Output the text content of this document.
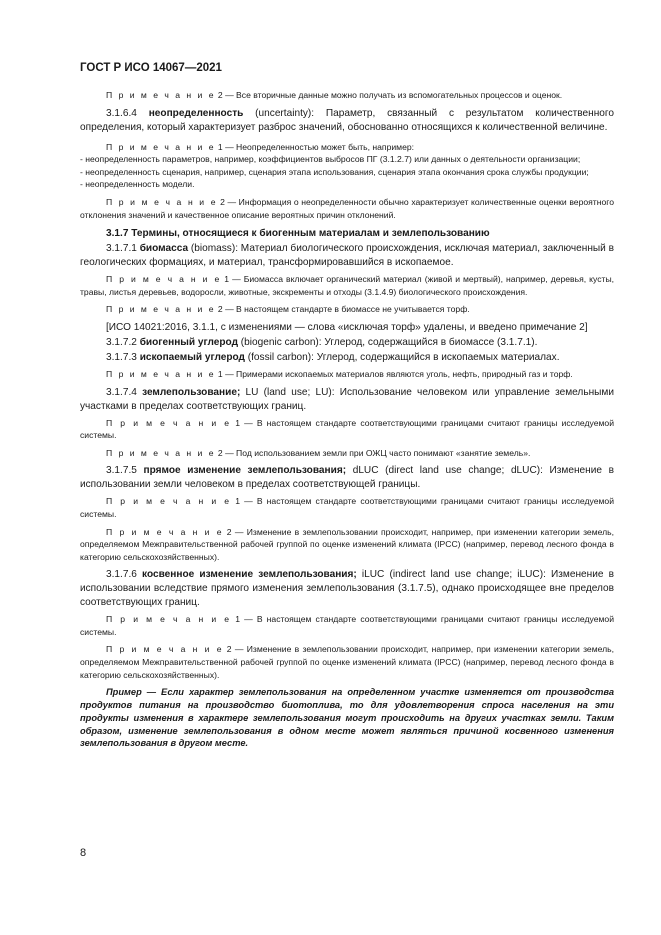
ГОСТ Р ИСО 14067—2021

П р и м е ч а н и е 2 — Все вторичные данные можно получать из вспомогательных процессов и оценок.

3.1.6.4 неопределенность (uncertainty): Параметр, связанный с результатом количественного определения, который характеризует разброс значений, обоснованно относящихся к количественной величине.

П р и м е ч а н и е 1 — Неопределенностью может быть, например:
- неопределенность параметров, например, коэффициентов выбросов ПГ (3.1.2.7) или данных о деятельности организации;
- неопределенность сценария, например, сценария этапа использования, сценария этапа окончания срока службы продукции;
- неопределенность модели.

П р и м е ч а н и е 2 — Информация о неопределенности обычно характеризует количественные оценки вероятного отклонения значений и качественное описание вероятных причин отклонений.

3.1.7 Термины, относящиеся к биогенным материалам и землепользованию

3.1.7.1 биомасса (biomass): Материал биологического происхождения, исключая материал, заключенный в геологических формациях, и материал, трансформировавшийся в ископаемое.

П р и м е ч а н и е 1 — Биомасса включает органический материал (живой и мертвый), например, деревья, кусты, травы, листья деревьев, водоросли, животные, экскременты и отходы (3.1.4.9) биологического происхождения.

П р и м е ч а н и е 2 — В настоящем стандарте в биомассе не учитывается торф.

[ИСО 14021:2016, 3.1.1, с изменениями — слова «исключая торф» удалены, и введено примечание 2]

3.1.7.2 биогенный углерод (biogenic carbon): Углерод, содержащийся в биомассе (3.1.7.1).

3.1.7.3 ископаемый углерод (fossil carbon): Углерод, содержащийся в ископаемых материалах.

П р и м е ч а н и е 1 — Примерами ископаемых материалов являются уголь, нефть, природный газ и торф.

3.1.7.4 землепользование; LU (land use; LU): Использование человеком или управление земельными участками в пределах соответствующих границ.

П р и м е ч а н и е 1 — В настоящем стандарте соответствующими границами считают границы исследуемой системы.

П р и м е ч а н и е 2 — Под использованием земли при ОЖЦ часто понимают «занятие земель».

3.1.7.5 прямое изменение землепользования; dLUC (direct land use change; dLUC): Изменение в использовании земли человеком в пределах соответствующей границы.

П р и м е ч а н и е 1 — В настоящем стандарте соответствующими границами считают границы исследуемой системы.

П р и м е ч а н и е 2 — Изменение в землепользовании происходит, например, при изменении категории земель, определяемом Межправительственной рабочей группой по оценке изменений климата (IPCC) (например, перевод лесного фонда в категорию сельскохозяйственных).

3.1.7.6 косвенное изменение землепользования; iLUC (indirect land use change; iLUC): Изменение в использовании вследствие прямого изменения землепользования (3.1.7.5), однако происходящее вне пределов соответствующих границ.

П р и м е ч а н и е 1 — В настоящем стандарте соответствующими границами считают границы исследуемой системы.

П р и м е ч а н и е 2 — Изменение в землепользовании происходит, например, при изменении категории земель, определяемом Межправительственной рабочей группой по оценке изменений климата (IPCC) (например, перевод лесного фонда в категорию сельскохозяйственных).

Пример — Если характер землепользования на определенном участке изменяется от производства продуктов питания на производство биотоплива, то для удовлетворения спроса населения на эти продукты изменения в характере землепользования могут происходить на других участках земли. Таким образом, изменение землепользования в одном месте может являться причиной косвенного изменения землепользования в другом месте.

8
